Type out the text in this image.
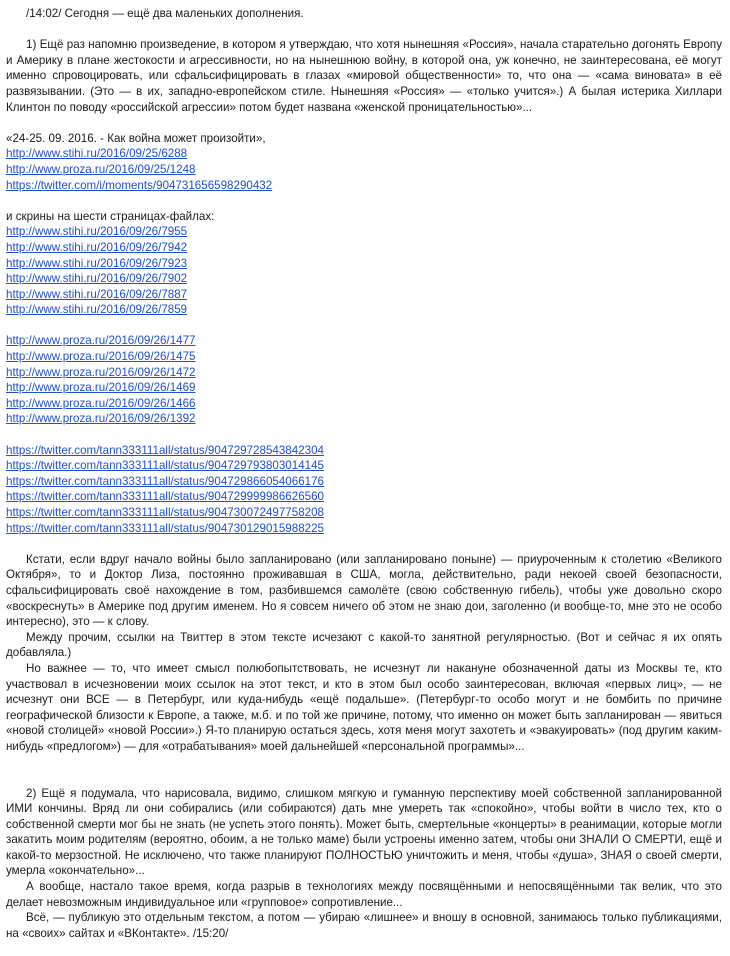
/14:02/ Сегодня — ещё два маленьких дополнения.

1) Ещё раз напомню произведение, в котором я утверждаю, что хотя нынешняя «Россия», начала старательно догонять Европу и Америку в плане жестокости и агрессивности, но на нынешнюю войну, в которой она, уж конечно, не заинтересована, её могут именно спровоцировать, или сфальсифицировать в глазах «мировой общественности» то, что она — «сама виновата» в её развязывании. (Это — в их, западно-европейском стиле. Нынешняя «Россия» — «только учится».) А былая истерика Хиллари Клинтон по поводу «российской агрессии» потом будет названа «женской проницательностью»...

«24-25. 09. 2016. - Как война может произойти»,

http://www.stihi.ru/2016/09/25/6288
http://www.proza.ru/2016/09/25/1248
https://twitter.com/i/moments/904731656598290432

и скрины на шести страницах-файлах:

http://www.stihi.ru/2016/09/26/7955
http://www.stihi.ru/2016/09/26/7942
http://www.stihi.ru/2016/09/26/7923
http://www.stihi.ru/2016/09/26/7902
http://www.stihi.ru/2016/09/26/7887
http://www.stihi.ru/2016/09/26/7859
http://www.proza.ru/2016/09/26/1477
http://www.proza.ru/2016/09/26/1475
http://www.proza.ru/2016/09/26/1472
http://www.proza.ru/2016/09/26/1469
http://www.proza.ru/2016/09/26/1466
http://www.proza.ru/2016/09/26/1392
https://twitter.com/tann333111all/status/904729728543842304
https://twitter.com/tann333111all/status/904729793803014145
https://twitter.com/tann333111all/status/904729866054066176
https://twitter.com/tann333111all/status/904729999986626560
https://twitter.com/tann333111all/status/904730072497758208
https://twitter.com/tann333111all/status/904730129015988225

Кстати, если вдруг начало войны было запланировано (или запланировано поныне) — приуроченным к столетию «Великого Октября», то и Доктор Лиза, постоянно проживавшая в США, могла, действительно, ради некоей своей безопасности, сфальсифицировать своё нахождение в том, разбившемся самолёте (свою собственную гибель), чтобы уже довольно скоро «воскреснуть» в Америке под другим именем. Но я совсем ничего об этом не знаю дои, заголенно (и вообще-то, мне это не особо интересно), это — к слову.

Между прочим, ссылки на Твиттер в этом тексте исчезают с какой-то занятной регулярностью. (Вот и сейчас я их опять добавляла.)

Но важнее — то, что имеет смысл полюбопытствовать, не исчезнут ли накануне обозначенной даты из Москвы те, кто участвовал в исчезновении моих ссылок на этот текст, и кто в этом был особо заинтересован, включая «первых лиц», — не исчезнут они ВСЕ — в Петербург, или куда-нибудь «ещё подальше». (Петербург-то особо могут и не бомбить по причине географической близости к Европе, а также, м.б. и по той же причине, потому, что именно он может быть запланирован — явиться «новой столицей» «новой России».) Я-то планирую остаться здесь, хотя меня могут захотеть и «эвакуировать» (под другим каким-нибудь «предлогом») — для «отрабатывания» моей дальнейшей «персональной программы»...

2) Ещё я подумала, что нарисовала, видимо, слишком мягкую и гуманную перспективу моей собственной запланированной ИМИ кончины. Вряд ли они собирались (или собираются) дать мне умереть так «спокойно», чтобы войти в число тех, кто о собственной смерти мог бы не знать (не успеть этого понять). Может быть, смертельные «концерты» в реанимации, которые могли закатить моим родителям (вероятно, обоим, а не только маме) были устроены именно затем, чтобы они ЗНАЛИ О СМЕРТИ, ещё и какой-то мерзостной. Не исключено, что также планируют ПОЛНОСТЬЮ уничтожить и меня, чтобы «душа», ЗНАЯ о своей смерти, умерла «окончательно»...

А вообще, настало такое время, когда разрыв в технологиях между посвящёнными и непосвящёнными так велик, что это делает невозможным индивидуальное или «групповое» сопротивление...

Всё, — публикую это отдельным текстом, а потом — убираю «лишнее» и вношу в основной, занимаюсь только публикациями, на «своих» сайтах и «ВКонтакте». /15:20/
